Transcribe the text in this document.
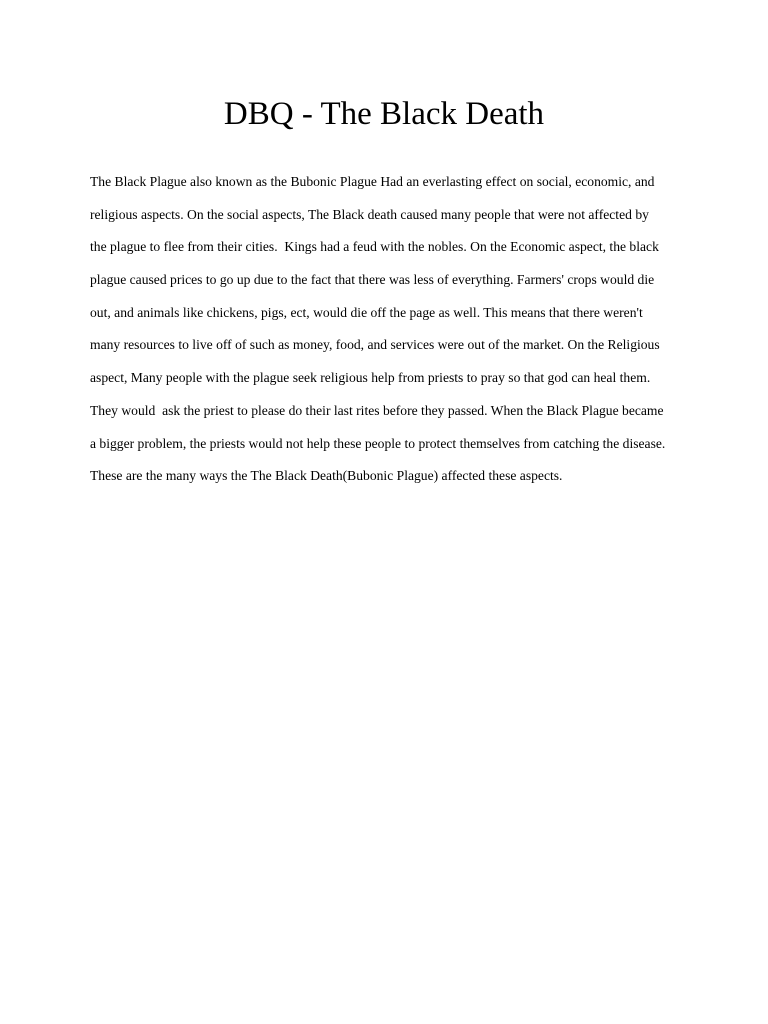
DBQ - The Black Death
The Black Plague also known as the Bubonic Plague Had an everlasting effect on social, economic, and
religious aspects. On the social aspects, The Black death caused many people that were not affected by
the plague to flee from their cities.  Kings had a feud with the nobles. On the Economic aspect, the black
plague caused prices to go up due to the fact that there was less of everything. Farmers' crops would die
out, and animals like chickens, pigs, ect, would die off the page as well. This means that there weren't
many resources to live off of such as money, food, and services were out of the market. On the Religious
aspect, Many people with the plague seek religious help from priests to pray so that god can heal them.
They would  ask the priest to please do their last rites before they passed. When the Black Plague became
a bigger problem, the priests would not help these people to protect themselves from catching the disease.
These are the many ways the The Black Death(Bubonic Plague) affected these aspects.
